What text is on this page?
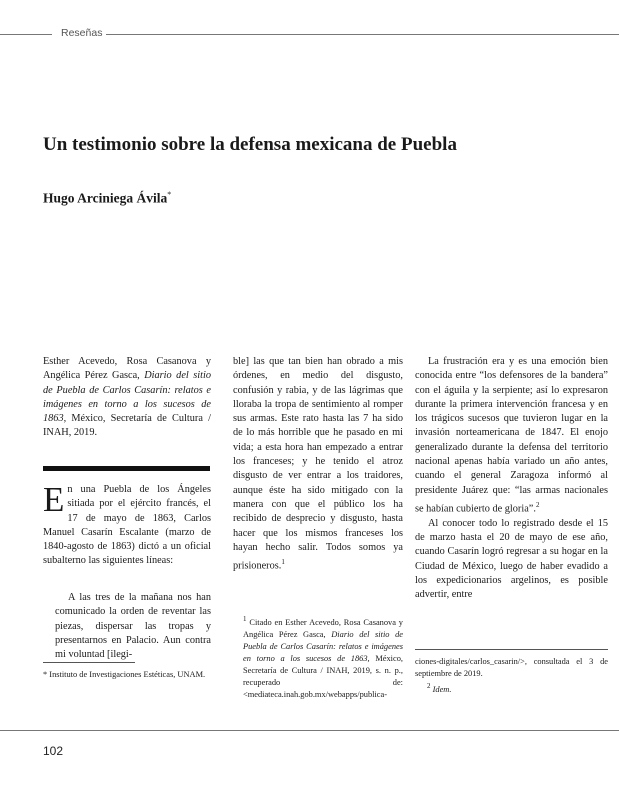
Reseñas
Un testimonio sobre la defensa mexicana de Puebla
Hugo Arciniega Ávila*

Esther Acevedo, Rosa Casanova y Angélica Pérez Gasca, Diario del sitio de Puebla de Carlos Casarín: relatos e imágenes en torno a los sucesos de 1863, México, Secretaría de Cultura / INAH, 2019.

En una Puebla de los Ángeles sitiada por el ejército francés, el 17 de mayo de 1863, Carlos Manuel Casarín Escalante (marzo de 1840-agosto de 1863) dictó a un oficial subalterno las siguientes líneas:

A las tres de la mañana nos han comunicado la orden de reventar las piezas, dispersar las tropas y presentarnos en Palacio. Aun contra mi voluntad [ilegi-

* Instituto de Investigaciones Estéticas, UNAM.

ble] las que tan bien han obrado a mis órdenes, en medio del disgusto, confusión y rabia, y de las lágrimas que lloraba la tropa de sentimiento al romper sus armas. Este rato hasta las 7 ha sido de lo más horrible que he pasado en mi vida; a esta hora han empezado a entrar los franceses; y he tenido el atroz disgusto de ver entrar a los traidores, aunque éste ha sido mitigado con la manera con que el público los ha recibido de desprecio y disgusto, hasta hacer que los mismos franceses los hayan hecho salir. Todos somos ya prisioneros.$^1$

$^1$ Citado en Esther Acevedo, Rosa Casanova y Angélica Pérez Gasca, Diario del sitio de Puebla de Carlos Casarín: relatos e imágenes en torno a los sucesos de 1863, México, Secretaría de Cultura / INAH, 2019, s. n. p., recuperado de: <mediateca.inah.gob.mx/webapps/publica-

La frustración era y es una emoción bien conocida entre “los defensores de la bandera” con el águila y la serpiente; así lo expresaron durante la primera intervención francesa y en los trágicos sucesos que tuvieron lugar en la invasión norteamericana de 1847. El enojo generalizado durante la defensa del territorio nacional apenas había variado un año antes, cuando el general Zaragoza informó al presidente Juárez que: “las armas nacionales se habían cubierto de gloria”.$^2$

Al conocer todo lo registrado desde el 15 de marzo hasta el 20 de mayo de ese año, cuando Casarín logró regresar a su hogar en la Ciudad de México, luego de haber evadido a los expedicionarios argelinos, es posible advertir, entre

ciones-digitales/carlos_casarin/>, consultada el 3 de septiembre de 2019.

$^2$ Idem.

102
